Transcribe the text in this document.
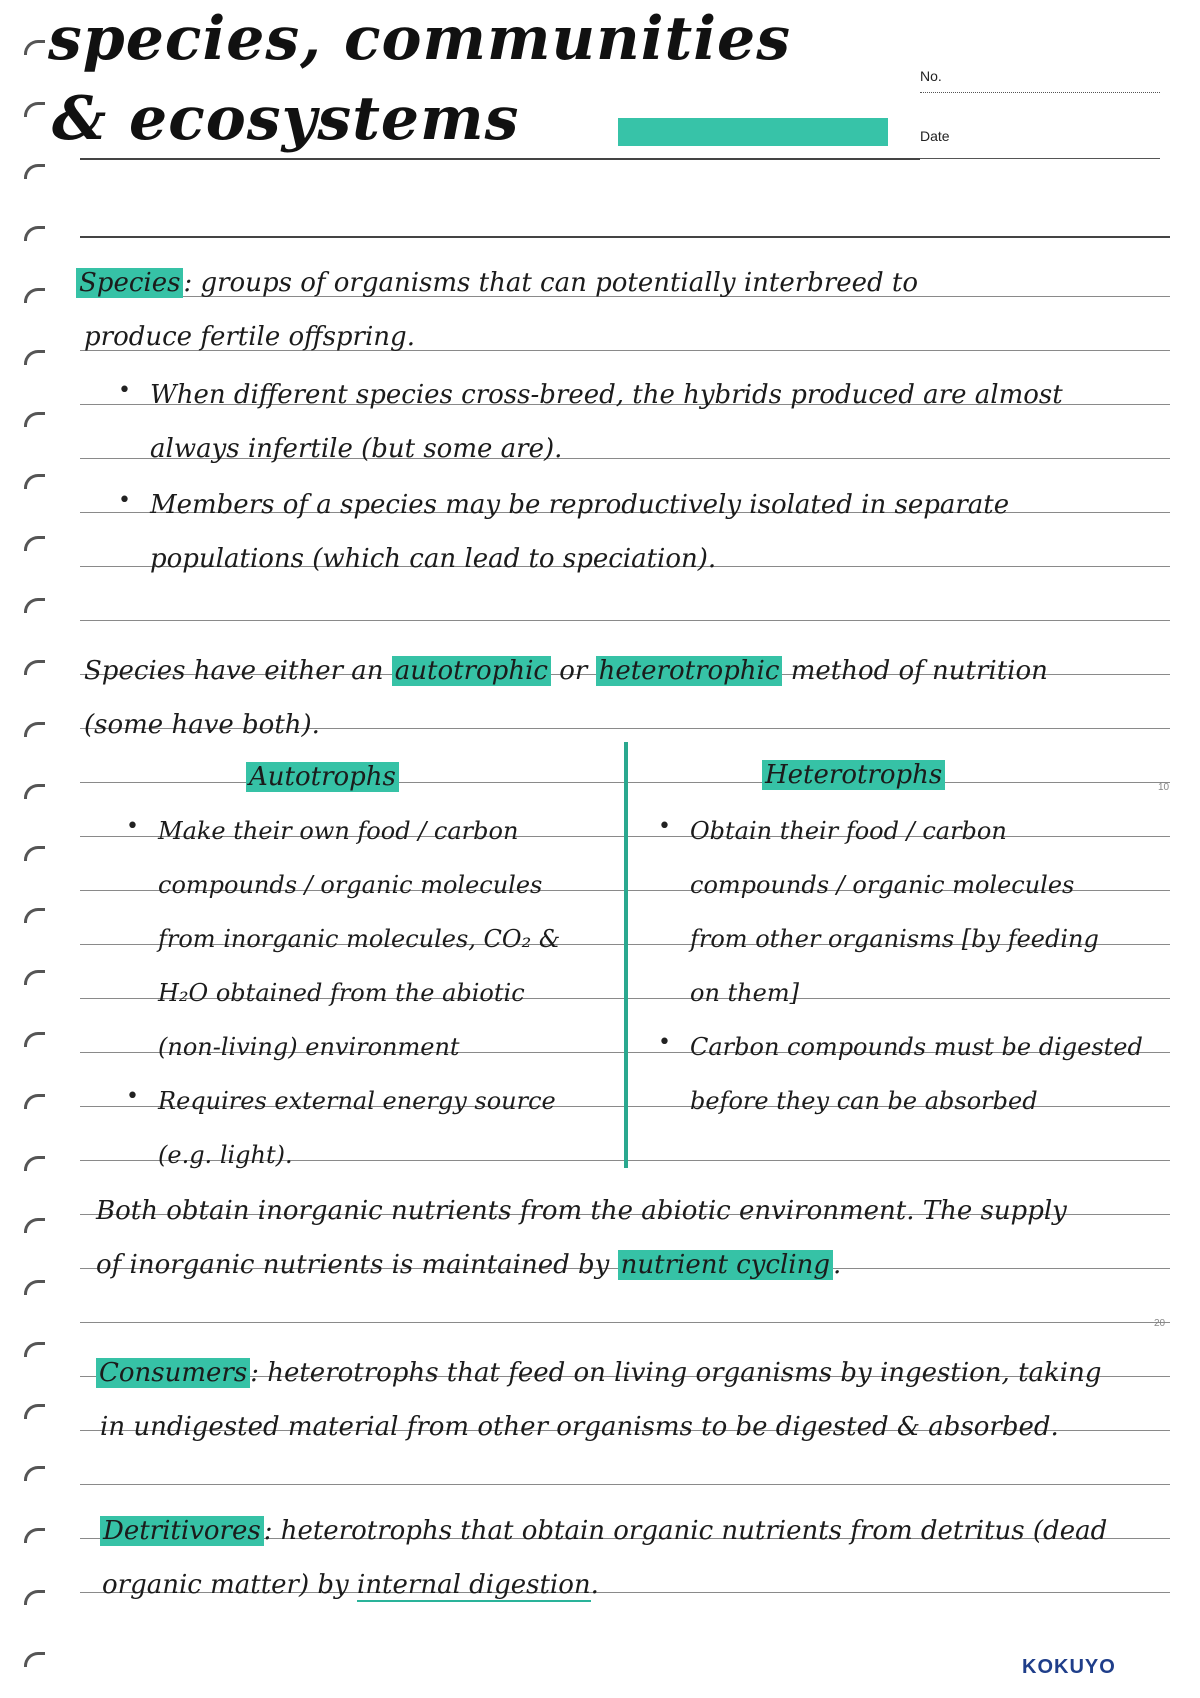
species, communities
& ecosystems
No.
Date
Species : groups of organisms that can potentially interbreed to
produce fertile offspring.
• When different species cross-breed, the hybrids produced are almost
always infertile (but some are).
• Members of a species may be reproductively isolated in separate
populations (which can lead to speciation).
Species have either an autotrophic or heterotrophic method of nutrition
(some have both).
Autotrophs	Heterotrophs
• Make their own food / carbon
compounds / organic molecules
from inorganic molecules, CO₂ &
H₂O obtained from the abiotic
(non-living) environment
• Requires external energy source
(e.g. light).
• Obtain their food / carbon
compounds / organic molecules
from other organisms [by feeding
on them]
• Carbon compounds must be digested
before they can be absorbed
Both obtain inorganic nutrients from the abiotic environment. The supply
of inorganic nutrients is maintained by nutrient cycling .
Consumers : heterotrophs that feed on living organisms by ingestion, taking
in undigested material from other organisms to be digested & absorbed.
Detritivores : heterotrophs that obtain organic nutrients from detritus (dead
organic matter) by internal digestion.
10
20
KOKUYO
